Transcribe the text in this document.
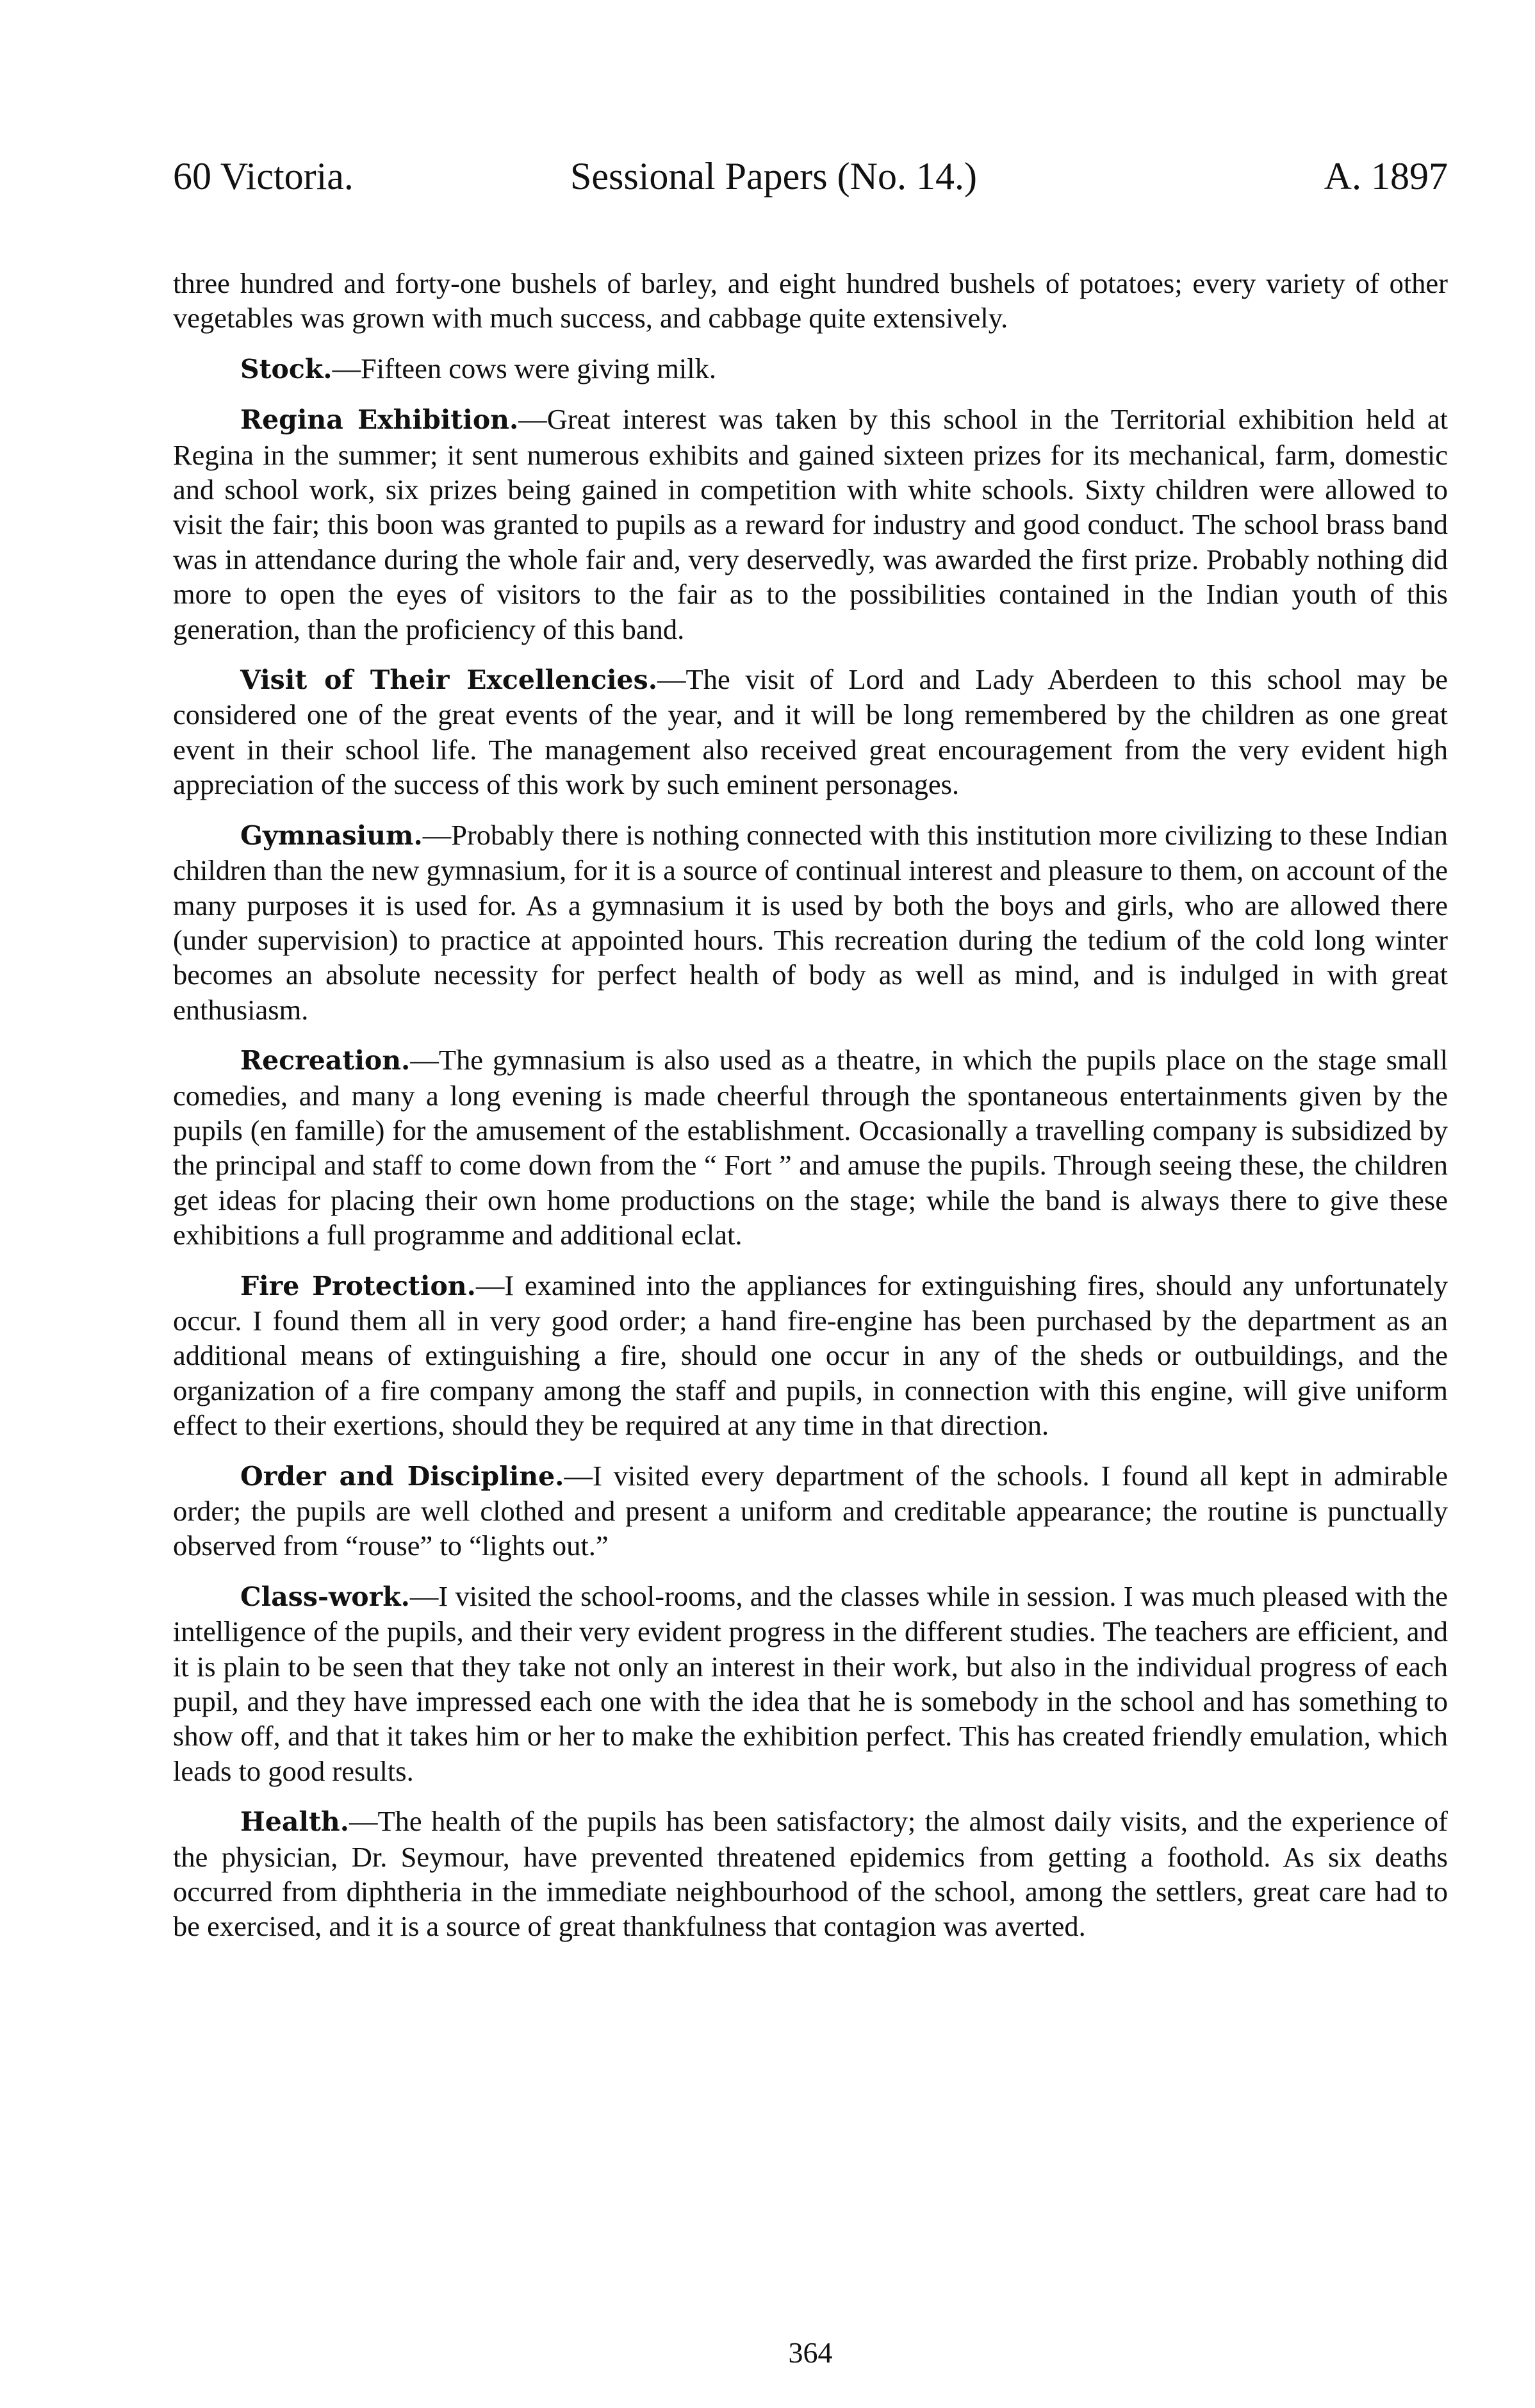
60 Victoria.	Sessional Papers (No. 14.)	A. 1897

three hundred and forty-one bushels of barley, and eight hundred bushels of potatoes; every variety of other vegetables was grown with much success, and cabbage quite extensively.

Stock.—Fifteen cows were giving milk.

Regina Exhibition.—Great interest was taken by this school in the Territorial exhibition held at Regina in the summer; it sent numerous exhibits and gained sixteen prizes for its mechanical, farm, domestic and school work, six prizes being gained in competition with white schools. Sixty children were allowed to visit the fair; this boon was granted to pupils as a reward for industry and good conduct. The school brass band was in attendance during the whole fair and, very deservedly, was awarded the first prize. Probably nothing did more to open the eyes of visitors to the fair as to the possibilities contained in the Indian youth of this generation, than the proficiency of this band.

Visit of Their Excellencies.—The visit of Lord and Lady Aberdeen to this school may be considered one of the great events of the year, and it will be long remembered by the children as one great event in their school life. The management also received great encouragement from the very evident high appreciation of the success of this work by such eminent personages.

Gymnasium.—Probably there is nothing connected with this institution more civilizing to these Indian children than the new gymnasium, for it is a source of continual interest and pleasure to them, on account of the many purposes it is used for. As a gymnasium it is used by both the boys and girls, who are allowed there (under supervision) to practice at appointed hours. This recreation during the tedium of the cold long winter becomes an absolute necessity for perfect health of body as well as mind, and is indulged in with great enthusiasm.

Recreation.—The gymnasium is also used as a theatre, in which the pupils place on the stage small comedies, and many a long evening is made cheerful through the spontaneous entertainments given by the pupils (en famille) for the amusement of the establishment. Occasionally a travelling company is subsidized by the principal and staff to come down from the “ Fort ” and amuse the pupils. Through seeing these, the children get ideas for placing their own home productions on the stage; while the band is always there to give these exhibitions a full programme and additional eclat.

Fire Protection.—I examined into the appliances for extinguishing fires, should any unfortunately occur. I found them all in very good order; a hand fire-engine has been purchased by the department as an additional means of extinguishing a fire, should one occur in any of the sheds or outbuildings, and the organization of a fire company among the staff and pupils, in connection with this engine, will give uniform effect to their exertions, should they be required at any time in that direction.

Order and Discipline.—I visited every department of the schools. I found all kept in admirable order; the pupils are well clothed and present a uniform and creditable appearance; the routine is punctually observed from “rouse” to “lights out.”

Class-work.—I visited the school-rooms, and the classes while in session. I was much pleased with the intelligence of the pupils, and their very evident progress in the different studies. The teachers are efficient, and it is plain to be seen that they take not only an interest in their work, but also in the individual progress of each pupil, and they have impressed each one with the idea that he is somebody in the school and has something to show off, and that it takes him or her to make the exhibition perfect. This has created friendly emulation, which leads to good results.

Health.—The health of the pupils has been satisfactory; the almost daily visits, and the experience of the physician, Dr. Seymour, have prevented threatened epidemics from getting a foothold. As six deaths occurred from diphtheria in the immediate neighbourhood of the school, among the settlers, great care had to be exercised, and it is a source of great thankfulness that contagion was averted.

364
